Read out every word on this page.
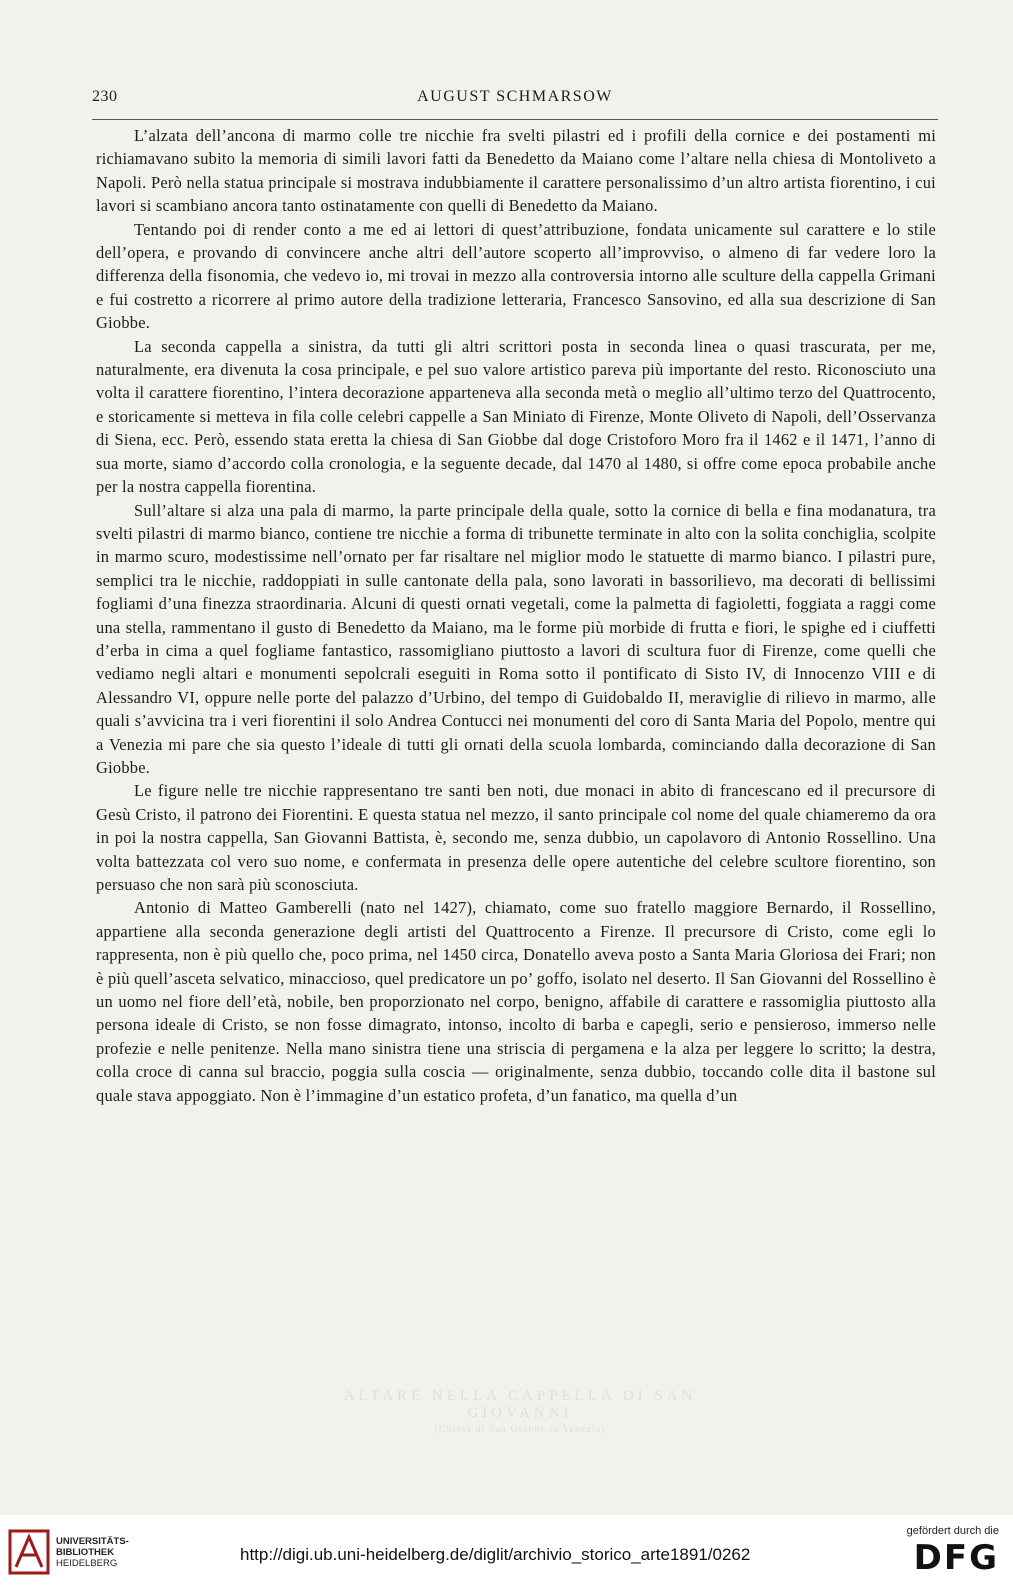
230	AUGUST SCHMARSOW

L’alzata dell’ancona di marmo colle tre nicchie fra svelti pilastri ed i profili della cornice e dei postamenti mi richiamavano subito la memoria di simili lavori fatti da Benedetto da Maiano come l’altare nella chiesa di Montoliveto a Napoli. Però nella statua principale si mostrava indubbiamente il carattere personalissimo d’un altro artista fiorentino, i cui lavori si scambiano ancora tanto ostinatamente con quelli di Benedetto da Maiano.

Tentando poi di render conto a me ed ai lettori di quest’attribuzione, fondata unicamente sul carattere e lo stile dell’opera, e provando di convincere anche altri dell’autore scoperto all’improvviso, o almeno di far vedere loro la differenza della fisonomia, che vedevo io, mi trovai in mezzo alla controversia intorno alle sculture della cappella Grimani e fui costretto a ricorrere al primo autore della tradizione letteraria, Francesco Sansovino, ed alla sua descrizione di San Giobbe.

La seconda cappella a sinistra, da tutti gli altri scrittori posta in seconda linea o quasi trascurata, per me, naturalmente, era divenuta la cosa principale, e pel suo valore artistico pareva più importante del resto. Riconosciuto una volta il carattere fiorentino, l’intera decorazione apparteneva alla seconda metà o meglio all’ultimo terzo del Quattrocento, e storicamente si metteva in fila colle celebri cappelle a San Miniato di Firenze, Monte Oliveto di Napoli, dell’Osservanza di Siena, ecc. Però, essendo stata eretta la chiesa di San Giobbe dal doge Cristoforo Moro fra il 1462 e il 1471, l’anno di sua morte, siamo d’accordo colla cronologia, e la seguente decade, dal 1470 al 1480, si offre come epoca probabile anche per la nostra cappella fiorentina.

Sull’altare si alza una pala di marmo, la parte principale della quale, sotto la cornice di bella e fina modanatura, tra svelti pilastri di marmo bianco, contiene tre nicchie a forma di tribunette terminate in alto con la solita conchiglia, scolpite in marmo scuro, modestissime nell’ornato per far risaltare nel miglior modo le statuette di marmo bianco. I pilastri pure, semplici tra le nicchie, raddoppiati in sulle cantonate della pala, sono lavorati in bassorilievo, ma decorati di bellissimi fogliami d’una finezza straordinaria. Alcuni di questi ornati vegetali, come la palmetta di fagioletti, foggiata a raggi come una stella, rammentano il gusto di Benedetto da Maiano, ma le forme più morbide di frutta e fiori, le spighe ed i ciuffetti d’erba in cima a quel fogliame fantastico, rassomigliano piuttosto a lavori di scultura fuor di Firenze, come quelli che vediamo negli altari e monumenti sepolcrali eseguiti in Roma sotto il pontificato di Sisto IV, di Innocenzo VIII e di Alessandro VI, oppure nelle porte del palazzo d’Urbino, del tempo di Guidobaldo II, meraviglie di rilievo in marmo, alle quali s’avvicina tra i veri fiorentini il solo Andrea Contucci nei monumenti del coro di Santa Maria del Popolo, mentre qui a Venezia mi pare che sia questo l’ideale di tutti gli ornati della scuola lombarda, cominciando dalla decorazione di San Giobbe.

Le figure nelle tre nicchie rappresentano tre santi ben noti, due monaci in abito di francescano ed il precursore di Gesù Cristo, il patrono dei Fiorentini. E questa statua nel mezzo, il santo principale col nome del quale chiameremo da ora in poi la nostra cappella, San Giovanni Battista, è, secondo me, senza dubbio, un capolavoro di Antonio Rossellino. Una volta battezzata col vero suo nome, e confermata in presenza delle opere autentiche del celebre scultore fiorentino, son persuaso che non sarà più sconosciuta.

Antonio di Matteo Gamberelli (nato nel 1427), chiamato, come suo fratello maggiore Bernardo, il Rossellino, appartiene alla seconda generazione degli artisti del Quattrocento a Firenze. Il precursore di Cristo, come egli lo rappresenta, non è più quello che, poco prima, nel 1450 circa, Donatello aveva posto a Santa Maria Gloriosa dei Frari; non è più quell’asceta selvatico, minaccioso, quel predicatore un po’ goffo, isolato nel deserto. Il San Giovanni del Rossellino è un uomo nel fiore dell’età, nobile, ben proporzionato nel corpo, benigno, affabile di carattere e rassomiglia piuttosto alla persona ideale di Cristo, se non fosse dimagrato, intonso, incolto di barba e capegli, serio e pensieroso, immerso nelle profezie e nelle penitenze. Nella mano sinistra tiene una striscia di pergamena e la alza per leggere lo scritto; la destra, colla croce di canna sul braccio, poggia sulla coscia — originalmente, senza dubbio, toccando colle dita il bastone sul quale stava appoggiato. Non è l’immagine d’un estatico profeta, d’un fanatico, ma quella d’un

ALTARE NELLA CAPPELLA DI SAN GIOVANNI
(Chiesa di San Giobbe in Venezia)
UNIVERSITÄTS-
BIBLIOTHEK
HEIDELBERG	http://digi.ub.uni-heidelberg.de/diglit/archivio_storico_arte1891/0262
gefördert durch die
DFG
